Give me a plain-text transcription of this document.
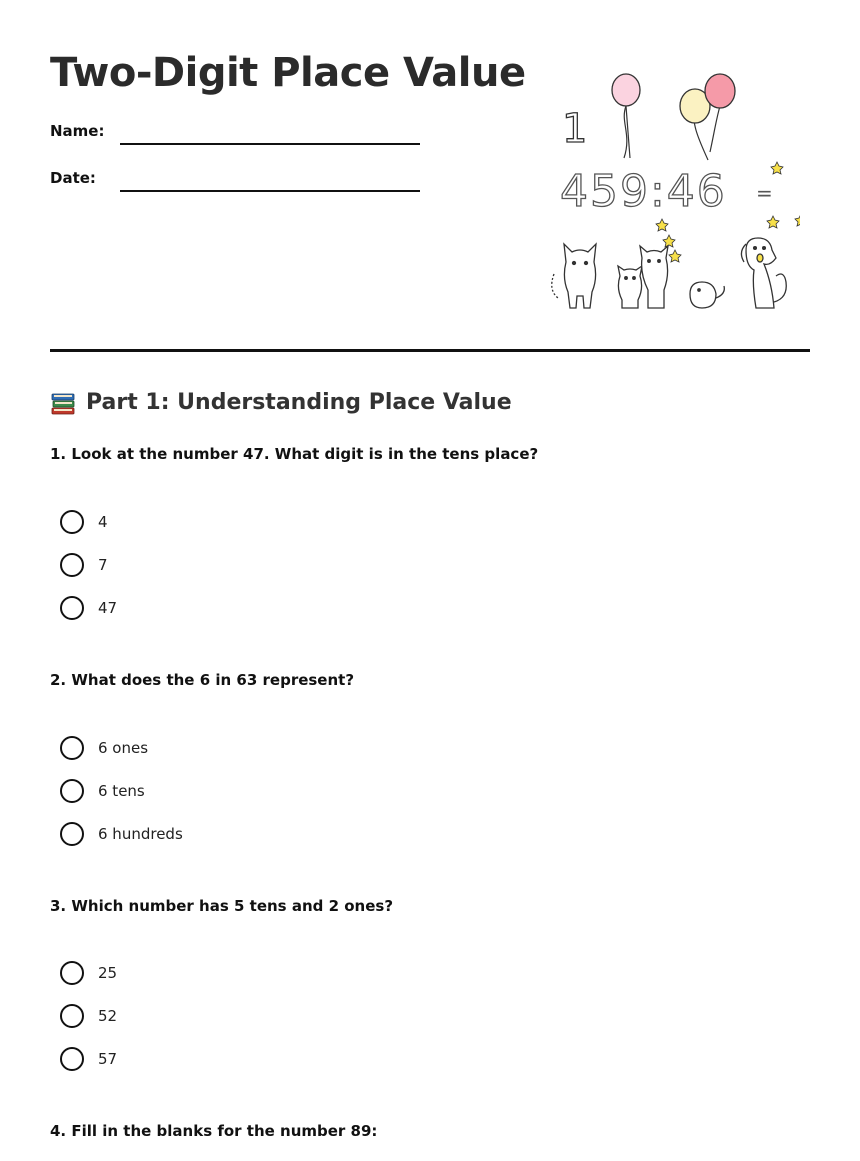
Two-Digit Place Value
Name:
Date:
1
459:46 =
Part 1: Understanding Place Value
1. Look at the number 47. What digit is in the tens place?
4
7
47
2. What does the 6 in 63 represent?
6 ones
6 tens
6 hundreds
3. Which number has 5 tens and 2 ones?
25
52
57
4. Fill in the blanks for the number 89:
